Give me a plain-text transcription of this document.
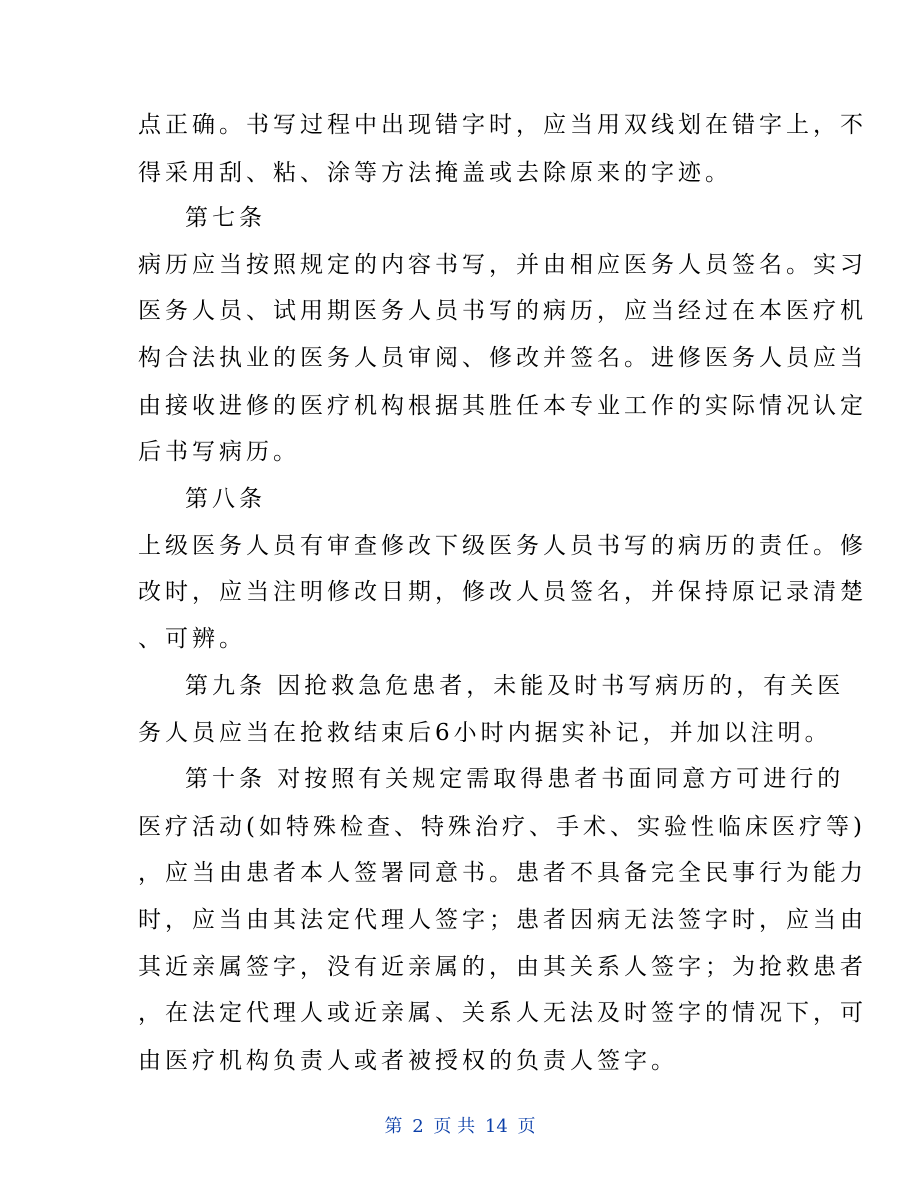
点正确。书写过程中出现错字时，应当用双线划在错字上，不
得采用刮、粘、涂等方法掩盖或去除原来的字迹。
第七条
病历应当按照规定的内容书写，并由相应医务人员签名。实习
医务人员、试用期医务人员书写的病历，应当经过在本医疗机
构合法执业的医务人员审阅、修改并签名。进修医务人员应当
由接收进修的医疗机构根据其胜任本专业工作的实际情况认定
后书写病历。
第八条
上级医务人员有审查修改下级医务人员书写的病历的责任。修
改时，应当注明修改日期，修改人员签名，并保持原记录清楚
、可辨。
第九条 因抢救急危患者，未能及时书写病历的，有关医
务人员应当在抢救结束后6小时内据实补记，并加以注明。
第十条 对按照有关规定需取得患者书面同意方可进行的
医疗活动(如特殊检查、特殊治疗、手术、实验性临床医疗等)
，应当由患者本人签署同意书。患者不具备完全民事行为能力
时，应当由其法定代理人签字；患者因病无法签字时，应当由
其近亲属签字，没有近亲属的，由其关系人签字；为抢救患者
，在法定代理人或近亲属、关系人无法及时签字的情况下，可
由医疗机构负责人或者被授权的负责人签字。
第 2 页 共 14 页
